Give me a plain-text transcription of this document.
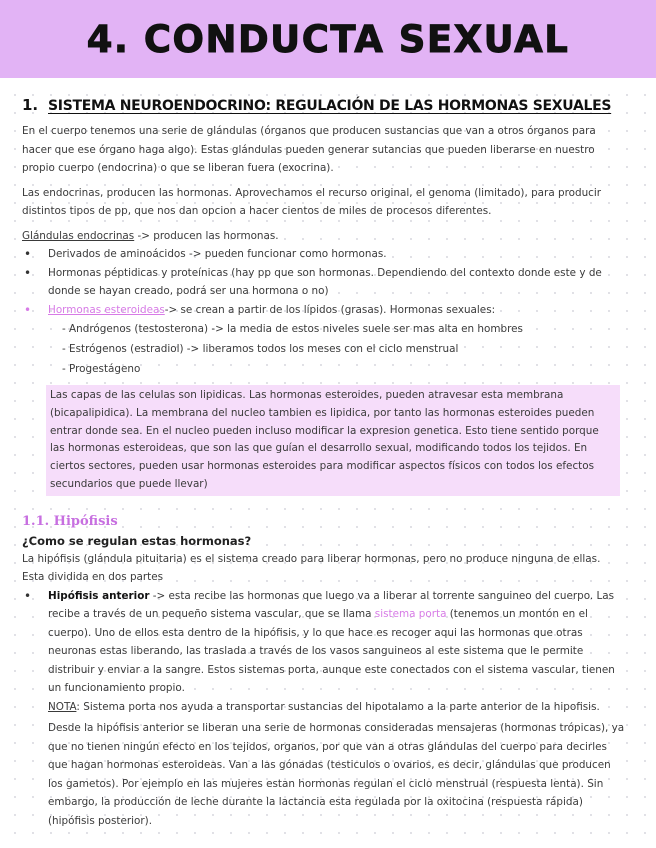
4. CONDUCTA SEXUAL
1. SISTEMA NEUROENDOCRINO: REGULACIÓN DE LAS HORMONAS SEXUALES

En el cuerpo tenemos una serie de glándulas (órganos que producen sustancias que van a otros órganos para hacer que ese órgano haga algo). Estas glándulas pueden generar sutancias que pueden liberarse en nuestro propio cuerpo (endocrina) o que se liberan fuera (exocrina).

Las endocrinas, producen las hormonas. Aprovechamos el recurso original, el genoma (limitado), para producir distintos tipos de pp, que nos dan opcion a hacer cientos de miles de procesos diferentes.

Glándulas endocrinas -> producen las hormonas.

• Derivados de aminoácidos -> pueden funcionar como hormonas.
• Hormonas péptidicas y proteínicas (hay pp que son hormonas. Dependiendo del contexto donde este y de donde se hayan creado, podrá ser una hormona o no)
• Hormonas esteroideas-> se crean a partir de los lípidos (grasas). Hormonas sexuales:
- Andrógenos (testosterona) -> la media de estos niveles suele ser mas alta en hombres
- Estrógenos (estradiol) -> liberamos todos los meses con el ciclo menstrual
- Progestágeno
Las capas de las celulas son lipidicas. Las hormonas esteroides, pueden atravesar esta membrana (bicapalipidica). La membrana del nucleo tambien es lipidica, por tanto las hormonas esteroides pueden entrar donde sea. En el nucleo pueden incluso modificar la expresion genetica. Esto tiene sentido porque las hormonas esteroideas, que son las que guían el desarrollo sexual, modificando todos los tejidos. En ciertos sectores, pueden usar hormonas esteroides para modificar aspectos físicos con todos los efectos secundarios que puede llevar)
1.1. Hipófisis
¿Como se regulan estas hormonas?

La hipófisis (glándula pituitaria) es el sistema creado para liberar hormonas, pero no produce ninguna de ellas. Esta dividida en dos partes

• Hipófisis anterior -> esta recibe las hormonas que luego va a liberar al torrente sanguineo del cuerpo. Las recibe a través de un pequeño sistema vascular, que se llama sistema porta (tenemos un montón en el cuerpo). Uno de ellos esta dentro de la hipófisis, y lo que hace es recoger aqui las hormonas que otras neuronas estas liberando, las traslada a través de los vasos sanguineos al este sistema que le permite distribuir y enviar a la sangre. Estos sistemas porta, aunque este conectados con el sistema vascular, tienen un funcionamiento propio.

NOTA: Sistema porta nos ayuda a transportar sustancias del hipotalamo a la parte anterior de la hipofisis.

Desde la hipófisis anterior se liberan una serie de hormonas consideradas mensajeras (hormonas trópicas), ya que no tienen ningún efecto en los tejidos, organos, por que van a otras glándulas del cuerpo para decirles que hagan hormonas esteroideas. Van a las gónadas (testiculos o ovarios, es decir, glándulas que producen los gametos). Por ejemplo en las mujeres estan hormonas regulan el ciclo menstrual (respuesta lenta). Sin embargo, la producción de leche durante la lactancia esta regulada por la oxitocina (respuesta rápida) (hipófisis posterior).
